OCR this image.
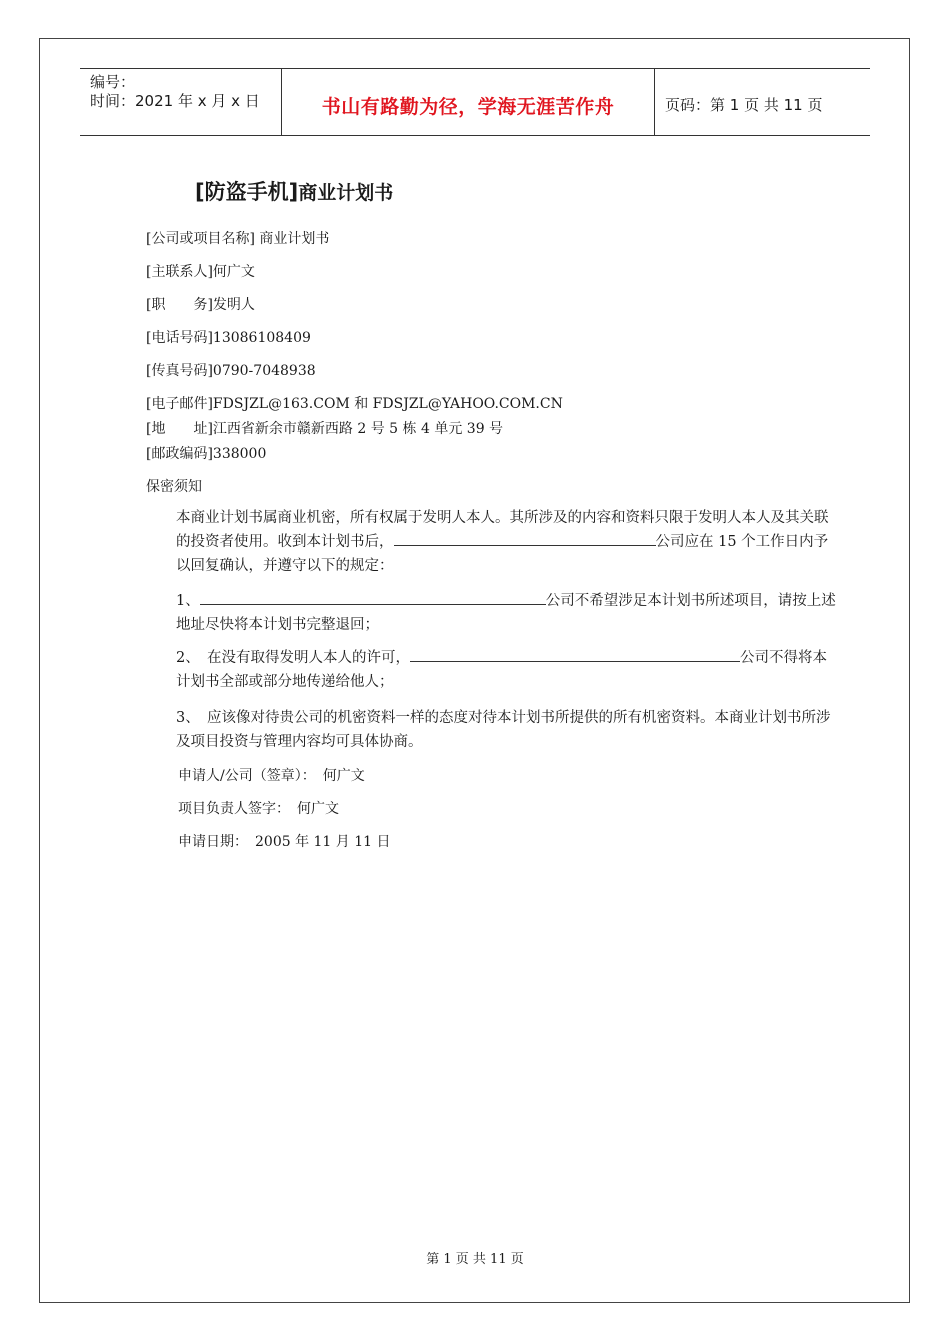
编号：
时间：2021 年 x 月 x 日	书山有路勤为径，学海无涯苦作舟	页码：第 1 页 共 11 页
[防盗手机]商业计划书
[公司或项目名称] 商业计划书
[主联系人]何广文
[职　　务]发明人
[电话号码]13086108409
[传真号码]0790-7048938
[电子邮件]FDSJZL@163.COM 和 FDSJZL@YAHOO.COM.CN
[地　　址]江西省新余市赣新西路 2 号 5 栋 4 单元 39 号
[邮政编码]338000
保密须知
本商业计划书属商业机密，所有权属于发明人本人。其所涉及的内容和资料只限于发明人本人及其关联的投资者使用。收到本计划书后，	公司应在 15 个工作日内予以回复确认，并遵守以下的规定：
1、	公司不希望涉足本计划书所述项目，请按上述地址尽快将本计划书完整退回；
2、　在没有取得发明人本人的许可，	公司不得将本计划书全部或部分地传递给他人；
3、　应该像对待贵公司的机密资料一样的态度对待本计划书所提供的所有机密资料。本商业计划书所涉及项目投资与管理内容均可具体协商。
申请人/公司（签章）：　何广文
项目负责人签字：　何广文
申请日期：　2005 年 11 月 11 日
第 1 页 共 11 页
